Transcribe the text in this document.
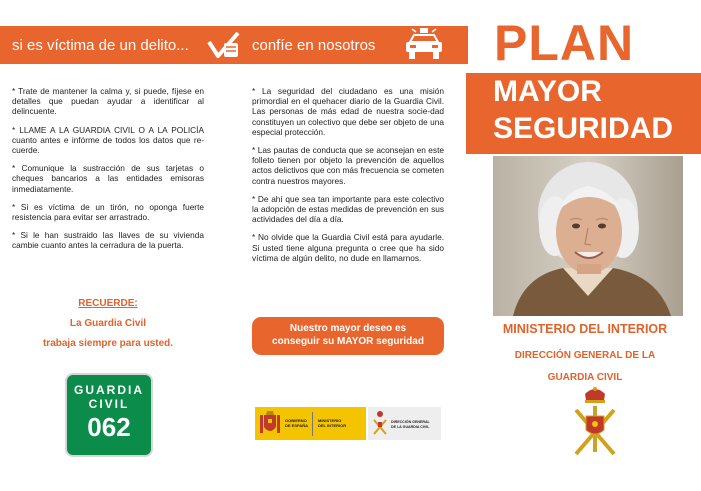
si es víctima de un delito...	confíe en nosotros

* Trate de mantener la calma y, si puede, fíjese en detalles que puedan ayudar a identificar al delincuente.

* LLAME A LA GUARDIA CIVIL O A LA POLICÍA cuanto antes e infórme de todos los datos que re-cuerde.

* Comunique la sustracción de sus tarjetas o cheques bancarios a las entidades emisoras inmediatamente.

* Si es víctima de un tirón, no oponga fuerte resistencia para evitar ser arrastrado.

* Si le han sustraido las llaves de su vivienda cambie cuanto antes la cerradura de la puerta.

RECUERDE:
La Guardia Civil
trabaja siempre para usted.
GUARDIA
CIVIL
062

* La seguridad del ciudadano es una misión primordial en el quehacer diario de la Guardia Civil. Las personas de más edad de nuestra socie-dad constituyen un colectivo que debe ser objeto de una especial protección.

* Las pautas de conducta que se aconsejan en este folleto tienen por objeto la prevención de aquellos actos delictivos que con más frecuencia se cometen contra nuestros mayores.

* De ahí que sea tan importante para este colectivo la adopción de estas medidas de prevención en sus actividades del día a día.

* No olvide que la Guardia Civil está para ayudarle. Si usted tiene alguna pregunta o cree que ha sido víctima de algún delito, no dude en llamarnos.

Nuestro mayor deseo es
conseguir su MAYOR seguridad
GOBIERNO
DE ESPAÑA
MINISTERIO
DEL INTERIOR
DIRECCIÓN GENERAL
DE LA GUARDIA CIVIL
PLAN
MAYOR
SEGURIDAD
MINISTERIO DEL INTERIOR
DIRECCIÓN GENERAL DE LA
GUARDIA CIVIL
